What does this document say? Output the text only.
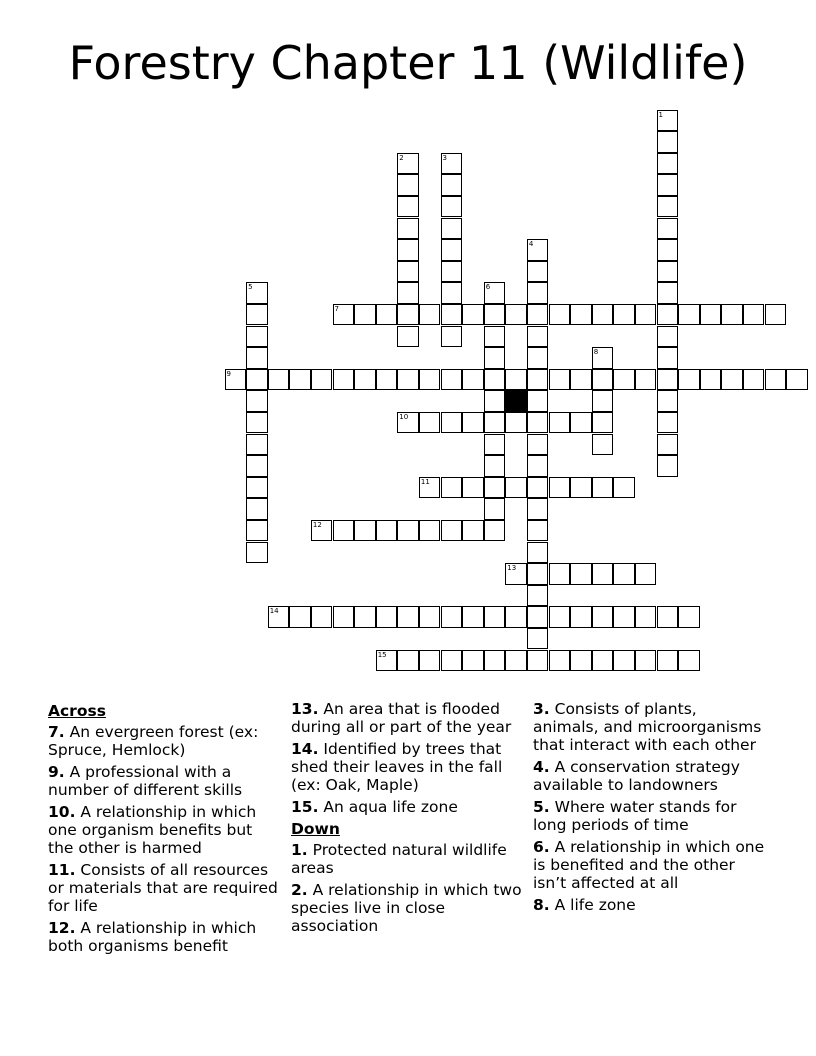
Forestry Chapter 11 (Wildlife)
1
2	3
4
5	6
7
8
9
10
11
12
13
14
15
Across
7. An evergreen forest (ex: Spruce, Hemlock)
9. A professional with a number of different skills
10. A relationship in which one organism benefits but the other is harmed
11. Consists of all resources or materials that are required for life
12. A relationship in which both organisms benefit
13. An area that is flooded during all or part of the year
14. Identified by trees that shed their leaves in the fall (ex: Oak, Maple)
15. An aqua life zone
Down
1. Protected natural wildlife areas
2. A relationship in which two species live in close association
3. Consists of plants, animals, and microorganisms that interact with each other
4. A conservation strategy available to landowners
5. Where water stands for long periods of time
6. A relationship in which one is benefited and the other isn’t affected at all
8. A life zone
